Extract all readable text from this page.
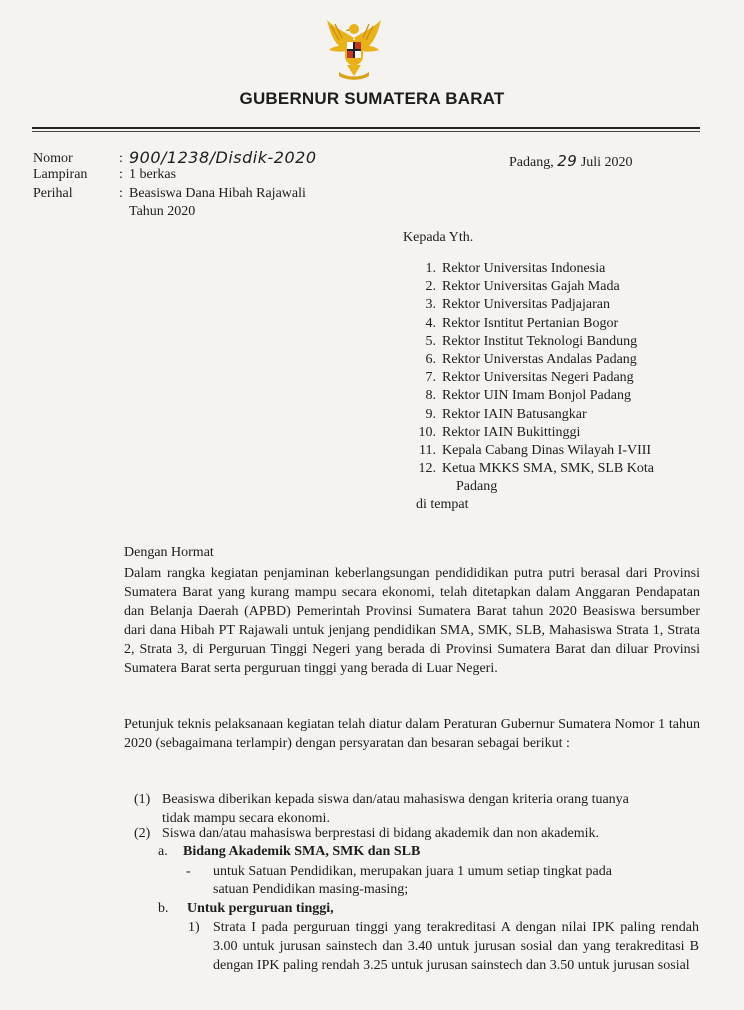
GUBERNUR SUMATERA BARAT
Nomor	: 900/1238/Disdik-2020
Lampiran	: 1 berkas
Perihal	: Beasiswa Dana Hibah Rajawali
Tahun 2020
Padang, 29 Juli 2020
Kepada Yth.
1. Rektor Universitas Indonesia
2. Rektor Universitas Gajah Mada
3. Rektor Universitas Padjajaran
4. Rektor Isntitut Pertanian Bogor
5. Rektor Institut Teknologi Bandung
6. Rektor Universtas Andalas Padang
7. Rektor Universitas Negeri Padang
8. Rektor UIN Imam Bonjol Padang
9. Rektor IAIN Batusangkar
10. Rektor IAIN Bukittinggi
11. Kepala Cabang Dinas Wilayah I-VIII
12. Ketua MKKS SMA, SMK, SLB Kota
Padang
di tempat
Dengan Hormat
Dalam rangka kegiatan penjaminan keberlangsungan pendididikan putra putri berasal dari Provinsi Sumatera Barat yang kurang mampu secara ekonomi, telah ditetapkan dalam Anggaran Pendapatan dan Belanja Daerah (APBD) Pemerintah Provinsi Sumatera Barat tahun 2020 Beasiswa bersumber dari dana Hibah PT Rajawali untuk jenjang pendidikan SMA, SMK, SLB, Mahasiswa Strata 1, Strata 2, Strata 3, di Perguruan Tinggi Negeri yang berada di Provinsi Sumatera Barat dan diluar Provinsi Sumatera Barat serta perguruan tinggi yang berada di Luar Negeri.
Petunjuk teknis pelaksanaan kegiatan telah diatur dalam Peraturan Gubernur Sumatera Nomor 1 tahun 2020 (sebagaimana terlampir) dengan persyaratan dan besaran sebagai berikut :
(1) Beasiswa diberikan kepada siswa dan/atau mahasiswa dengan kriteria orang tuanya
tidak mampu secara ekonomi.
(2) Siswa dan/atau mahasiswa berprestasi di bidang akademik dan non akademik.
a. Bidang Akademik SMA, SMK dan SLB
- untuk Satuan Pendidikan, merupakan juara 1 umum setiap tingkat pada
satuan Pendidikan masing-masing;
b. Untuk perguruan tinggi,
1) Strata I pada perguruan tinggi yang terakreditasi A dengan nilai IPK paling rendah 3.00 untuk jurusan sainstech dan 3.40 untuk jurusan sosial dan yang terakreditasi B dengan IPK paling rendah 3.25 untuk jurusan sainstech dan 3.50 untuk jurusan sosial
